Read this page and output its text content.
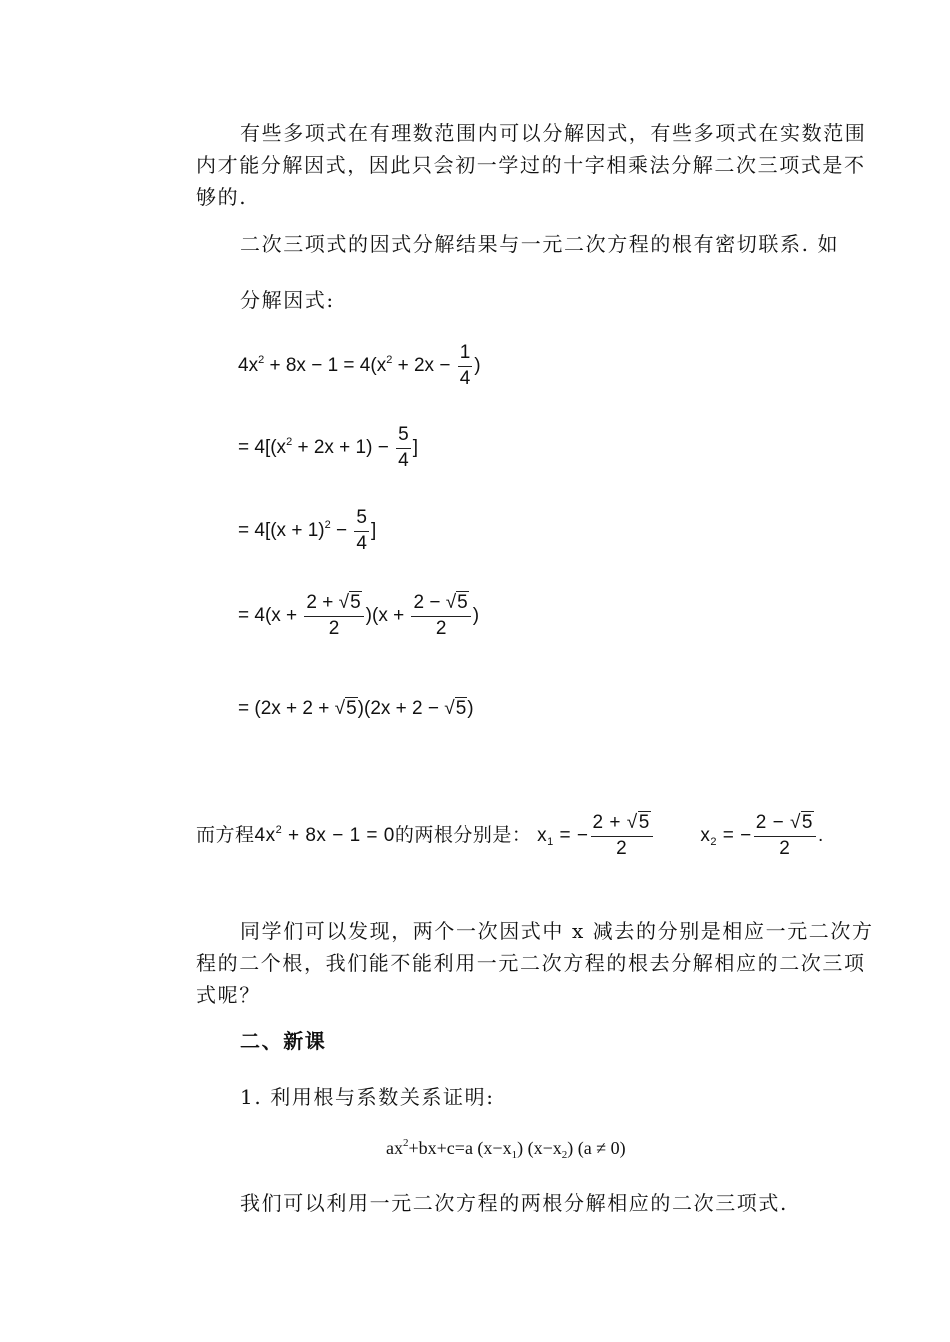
有些多项式在有理数范围内可以分解因式，有些多项式在实数范围内才能分解因式，因此只会初一学过的十字相乘法分解二次三项式是不够的.
二次三项式的因式分解结果与一元二次方程的根有密切联系. 如
分解因式:
$4x^2 + 8x - 1 = 4(x^2 + 2x - \frac{1}{4}$ )
= $4[(x^2 + 2x + 1) - \frac{5}{4}$ ]
= $4[(x + 1)^2 - \frac{5}{4}$ ]
= $4(x + \frac{2 + √5}{2} )(x + \frac{2 - √5}{2}$ )
= (2x + 2 + √5)(2x + 2 − √5)
而方程$4x^2 + 8x - 1 = 0$的两根分别是： $x_1$ = − $\frac{2 + √5}{2}$	$x_2$ = − $\frac{2 - √5}{2}$ .
同学们可以发现，两个一次因式中 x 减去的分别是相应一元二次方程的二个根，我们能不能利用一元二次方程的根去分解相应的二次三项式呢？
二、新课
1. 利用根与系数关系证明:
$ax^2+bx+c=a$ $(x-x_1)$ $(x-x_2) (a \ne 0)$
我们可以利用一元二次方程的两根分解相应的二次三项式.
